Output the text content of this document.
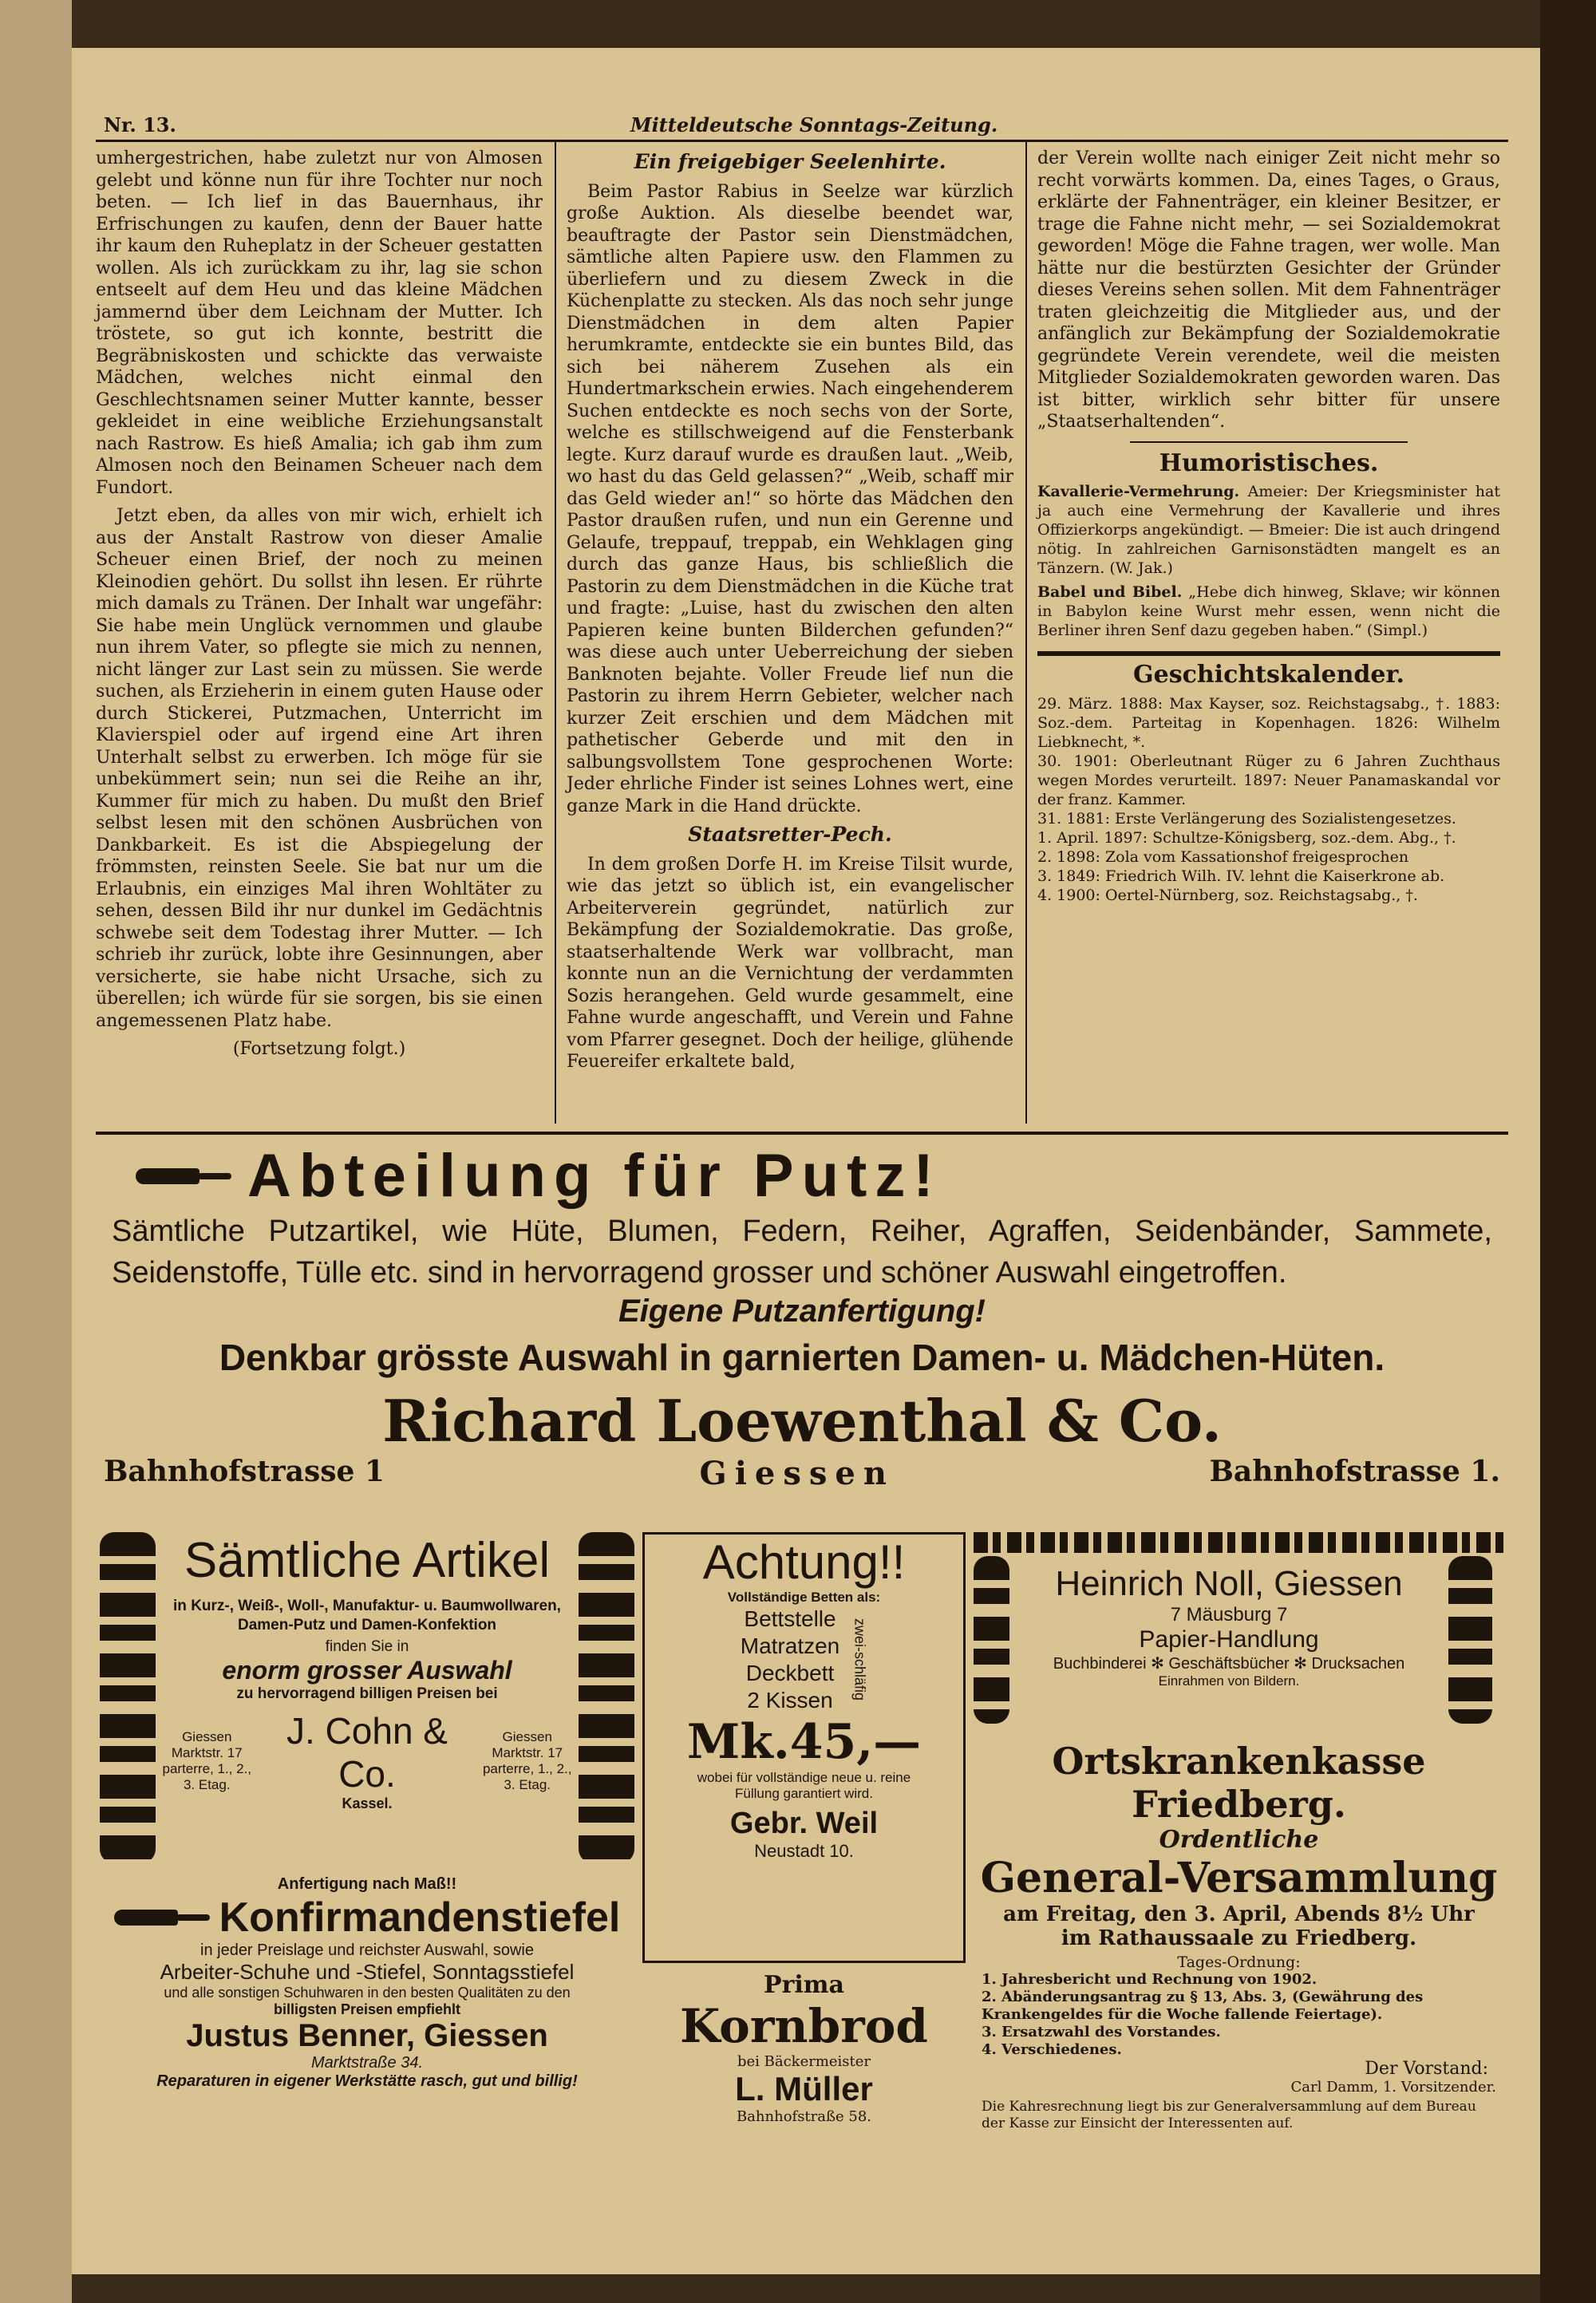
Nr. 13.	Mitteldeutsche Sonntags-Zeitung.

umhergestrichen, habe zuletzt nur von Almosen gelebt und könne nun für ihre Tochter nur noch beten. — Ich lief in das Bauernhaus, ihr Erfrischungen zu kaufen, denn der Bauer hatte ihr kaum den Ruheplatz in der Scheuer gestatten wollen. Als ich zurückkam zu ihr, lag sie schon entseelt auf dem Heu und das kleine Mädchen jammernd über dem Leichnam der Mutter. Ich tröstete, so gut ich konnte, bestritt die Begräbniskosten und schickte das verwaiste Mädchen, welches nicht einmal den Geschlechtsnamen seiner Mutter kannte, besser gekleidet in eine weibliche Erziehungsanstalt nach Rastrow. Es hieß Amalia; ich gab ihm zum Almosen noch den Beinamen Scheuer nach dem Fundort.

Jetzt eben, da alles von mir wich, erhielt ich aus der Anstalt Rastrow von dieser Amalie Scheuer einen Brief, der noch zu meinen Kleinodien gehört. Du sollst ihn lesen. Er rührte mich damals zu Tränen. Der Inhalt war ungefähr: Sie habe mein Unglück vernommen und glaube nun ihrem Vater, so pflegte sie mich zu nennen, nicht länger zur Last sein zu müssen. Sie werde suchen, als Erzieherin in einem guten Hause oder durch Stickerei, Putzmachen, Unterricht im Klavierspiel oder auf irgend eine Art ihren Unterhalt selbst zu erwerben. Ich möge für sie unbekümmert sein; nun sei die Reihe an ihr, Kummer für mich zu haben. Du mußt den Brief selbst lesen mit den schönen Ausbrüchen von Dankbarkeit. Es ist die Abspiegelung der frömmsten, reinsten Seele. Sie bat nur um die Erlaubnis, ein einziges Mal ihren Wohltäter zu sehen, dessen Bild ihr nur dunkel im Gedächtnis schwebe seit dem Todestag ihrer Mutter. — Ich schrieb ihr zurück, lobte ihre Gesinnungen, aber versicherte, sie habe nicht Ursache, sich zu überellen; ich würde für sie sorgen, bis sie einen angemessenen Platz habe.

(Fortsetzung folgt.)
Ein freigebiger Seelenhirte.

Beim Pastor Rabius in Seelze war kürzlich große Auktion. Als dieselbe beendet war, beauftragte der Pastor sein Dienstmädchen, sämtliche alten Papiere usw. den Flammen zu überliefern und zu diesem Zweck in die Küchenplatte zu stecken. Als das noch sehr junge Dienstmädchen in dem alten Papier herumkramte, entdeckte sie ein buntes Bild, das sich bei näherem Zusehen als ein Hundertmarkschein erwies. Nach eingehenderem Suchen entdeckte es noch sechs von der Sorte, welche es stillschweigend auf die Fensterbank legte. Kurz darauf wurde es draußen laut. „Weib, wo hast du das Geld gelassen?“ „Weib, schaff mir das Geld wieder an!“ so hörte das Mädchen den Pastor draußen rufen, und nun ein Gerenne und Gelaufe, treppauf, treppab, ein Wehklagen ging durch das ganze Haus, bis schließlich die Pastorin zu dem Dienstmädchen in die Küche trat und fragte: „Luise, hast du zwischen den alten Papieren keine bunten Bilderchen gefunden?“ was diese auch unter Ueberreichung der sieben Banknoten bejahte. Voller Freude lief nun die Pastorin zu ihrem Herrn Gebieter, welcher nach kurzer Zeit erschien und dem Mädchen mit pathetischer Geberde und mit den in salbungsvollstem Tone gesprochenen Worte: Jeder ehrliche Finder ist seines Lohnes wert, eine ganze Mark in die Hand drückte.

Staatsretter-Pech.

In dem großen Dorfe H. im Kreise Tilsit wurde, wie das jetzt so üblich ist, ein evangelischer Arbeiterverein gegründet, natürlich zur Bekämpfung der Sozialdemokratie. Das große, staatserhaltende Werk war vollbracht, man konnte nun an die Vernichtung der verdammten Sozis herangehen. Geld wurde gesammelt, eine Fahne wurde angeschafft, und Verein und Fahne vom Pfarrer gesegnet. Doch der heilige, glühende Feuereifer erkaltete bald,

der Verein wollte nach einiger Zeit nicht mehr so recht vorwärts kommen. Da, eines Tages, o Graus, erklärte der Fahnenträger, ein kleiner Besitzer, er trage die Fahne nicht mehr, — sei Sozialdemokrat geworden! Möge die Fahne tragen, wer wolle. Man hätte nur die bestürzten Gesichter der Gründer dieses Vereins sehen sollen. Mit dem Fahnenträger traten gleichzeitig die Mitglieder aus, und der anfänglich zur Bekämpfung der Sozialdemokratie gegründete Verein verendete, weil die meisten Mitglieder Sozialdemokraten geworden waren. Das ist bitter, wirklich sehr bitter für unsere „Staatserhaltenden“.

Humoristisches.
Kavallerie-Vermehrung. Ameier: Der Kriegsminister hat ja auch eine Vermehrung der Kavallerie und ihres Offizierkorps angekündigt. — Bmeier: Die ist auch dringend nötig. In zahlreichen Garnisonstädten mangelt es an Tänzern. (W. Jak.)
Babel und Bibel. „Hebe dich hinweg, Sklave; wir können in Babylon keine Wurst mehr essen, wenn nicht die Berliner ihren Senf dazu gegeben haben.“ (Simpl.)
Geschichtskalender.
29. März. 1888: Max Kayser, soz. Reichstagsabg., †. 1883: Soz.-dem. Parteitag in Kopenhagen. 1826: Wilhelm Liebknecht, *.
30. 1901: Oberleutnant Rüger zu 6 Jahren Zuchthaus wegen Mordes verurteilt. 1897: Neuer Panamaskandal vor der franz. Kammer.
31. 1881: Erste Verlängerung des Sozialistengesetzes.
1. April. 1897: Schultze-Königsberg, soz.-dem. Abg., †.
2. 1898: Zola vom Kassationshof freigesprochen
3. 1849: Friedrich Wilh. IV. lehnt die Kaiserkrone ab.
4. 1900: Oertel-Nürnberg, soz. Reichstagsabg., †.
Abteilung für Putz!
Sämtliche Putzartikel, wie Hüte, Blumen, Federn, Reiher, Agraffen, Seidenbänder, Sammete, Seidenstoffe, Tülle etc. sind in hervorragend grosser und schöner Auswahl eingetroffen.
Eigene Putzanfertigung!
Denkbar grösste Auswahl in garnierten Damen- u. Mädchen-Hüten.
Richard Loewenthal & Co.
Bahnhofstrasse 1	Giessen	Bahnhofstrasse 1.
Sämtliche Artikel
in Kurz-, Weiß-, Woll-, Manufaktur- u. Baumwollwaren, Damen-Putz und Damen-Konfektion
finden Sie in
enorm grosser Auswahl
zu hervorragend billigen Preisen bei
Giessen
Marktstr. 17 parterre, 1., 2., 3. Etag.
J. Cohn & Co.
Kassel.
Giessen
Marktstr. 17 parterre, 1., 2., 3. Etag.
Anfertigung nach Maß!!
Konfirmandenstiefel
in jeder Preislage und reichster Auswahl, sowie
Arbeiter-Schuhe und -Stiefel, Sonntagsstiefel
und alle sonstigen Schuhwaren in den besten Qualitäten zu den
billigsten Preisen empfiehlt
Justus Benner, Giessen
Marktstraße 34.
Reparaturen in eigener Werkstätte rasch, gut und billig!
Achtung!!
Vollständige Betten als:
Bettstelle
Matratzen
Deckbett
2 Kissen	zwei-schläfig
Mk.45,—
wobei für vollständige neue u. reine Füllung garantiert wird.
Gebr. Weil
Neustadt 10.
Prima
Kornbrod
bei Bäckermeister
L. Müller
Bahnhofstraße 58.
Heinrich Noll, Giessen
7 Mäusburg 7
Papier-Handlung
Buchbinderei ✻ Geschäftsbücher ✻ Drucksachen
Einrahmen von Bildern.
Ortskrankenkasse Friedberg.
Ordentliche
General-Versammlung
am Freitag, den 3. April, Abends 8½ Uhr
im Rathaussaale zu Friedberg.
Tages-Ordnung:
1. Jahresbericht und Rechnung von 1902.
2. Abänderungsantrag zu § 13, Abs. 3, (Gewährung des Krankengeldes für die Woche fallende Feiertage).
3. Ersatzwahl des Vorstandes.
4. Verschiedenes.
Der Vorstand:
Carl Damm, 1. Vorsitzender.
Die Kahresrechnung liegt bis zur Generalversammlung auf dem Bureau der Kasse zur Einsicht der Interessenten auf.
